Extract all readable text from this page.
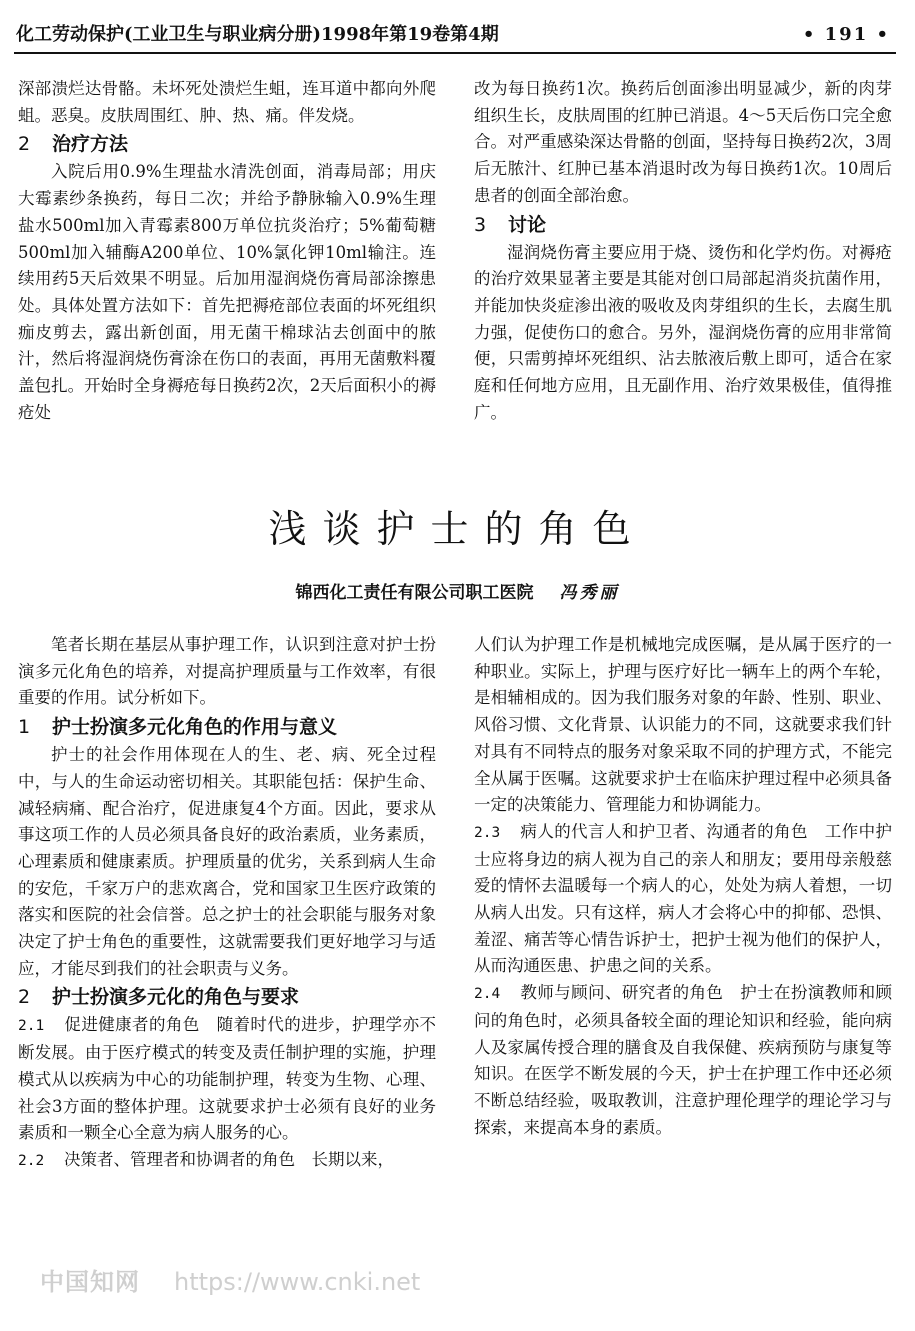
化工劳动保护(工业卫生与职业病分册)1998年第19卷第4期	• 191 •

深部溃烂达骨骼。未坏死处溃烂生蛆，连耳道中都向外爬蛆。恶臭。皮肤周围红、肿、热、痛。伴发烧。

2 治疗方法

入院后用0.9%生理盐水清洗创面，消毒局部；用庆大霉素纱条换药，每日二次；并给予静脉输入0.9%生理盐水500ml加入青霉素800万单位抗炎治疗；5%葡萄糖500ml加入辅酶A200单位、10%氯化钾10ml输注。连续用药5天后效果不明显。后加用湿润烧伤膏局部涂擦患处。具体处置方法如下：首先把褥疮部位表面的坏死组织痂皮剪去，露出新创面，用无菌干棉球沾去创面中的脓汁，然后将湿润烧伤膏涂在伤口的表面，再用无菌敷料覆盖包扎。开始时全身褥疮每日换药2次，2天后面积小的褥疮处

改为每日换药1次。换药后创面渗出明显减少，新的肉芽组织生长，皮肤周围的红肿已消退。4～5天后伤口完全愈合。对严重感染深达骨骼的创面，坚持每日换药2次，3周后无脓汁、红肿已基本消退时改为每日换药1次。10周后患者的创面全部治愈。

3 讨论

湿润烧伤膏主要应用于烧、烫伤和化学灼伤。对褥疮的治疗效果显著主要是其能对创口局部起消炎抗菌作用，并能加快炎症渗出液的吸收及肉芽组织的生长，去腐生肌力强，促使伤口的愈合。另外，湿润烧伤膏的应用非常简便，只需剪掉坏死组织、沾去脓液后敷上即可，适合在家庭和任何地方应用，且无副作用、治疗效果极佳，值得推广。

浅谈护士的角色
锦西化工责任有限公司职工医院 冯秀丽

笔者长期在基层从事护理工作，认识到注意对护士扮演多元化角色的培养，对提高护理质量与工作效率，有很重要的作用。试分析如下。

1 护士扮演多元化角色的作用与意义

护士的社会作用体现在人的生、老、病、死全过程中，与人的生命运动密切相关。其职能包括：保护生命、减轻病痛、配合治疗，促进康复4个方面。因此，要求从事这项工作的人员必须具备良好的政治素质，业务素质，心理素质和健康素质。护理质量的优劣，关系到病人生命的安危，千家万户的悲欢离合，党和国家卫生医疗政策的落实和医院的社会信誉。总之护士的社会职能与服务对象决定了护士角色的重要性，这就需要我们更好地学习与适应，才能尽到我们的社会职责与义务。

2 护士扮演多元化的角色与要求

2.1 促进健康者的角色　随着时代的进步，护理学亦不断发展。由于医疗模式的转变及责任制护理的实施，护理模式从以疾病为中心的功能制护理，转变为生物、心理、社会3方面的整体护理。这就要求护士必须有良好的业务素质和一颗全心全意为病人服务的心。

2.2 决策者、管理者和协调者的角色　长期以来，

人们认为护理工作是机械地完成医嘱，是从属于医疗的一种职业。实际上，护理与医疗好比一辆车上的两个车轮，是相辅相成的。因为我们服务对象的年龄、性别、职业、风俗习惯、文化背景、认识能力的不同，这就要求我们针对具有不同特点的服务对象采取不同的护理方式，不能完全从属于医嘱。这就要求护士在临床护理过程中必须具备一定的决策能力、管理能力和协调能力。

2.3 病人的代言人和护卫者、沟通者的角色　工作中护士应将身边的病人视为自己的亲人和朋友；要用母亲般慈爱的情怀去温暖每一个病人的心，处处为病人着想，一切从病人出发。只有这样，病人才会将心中的抑郁、恐惧、羞涩、痛苦等心情告诉护士，把护士视为他们的保护人，从而沟通医患、护患之间的关系。

2.4 教师与顾问、研究者的角色　护士在扮演教师和顾问的角色时，必须具备较全面的理论知识和经验，能向病人及家属传授合理的膳食及自我保健、疾病预防与康复等知识。在医学不断发展的今天，护士在护理工作中还必须不断总结经验，吸取教训，注意护理伦理学的理论学习与探索，来提高本身的素质。

中国知网 https://www.cnki.net
